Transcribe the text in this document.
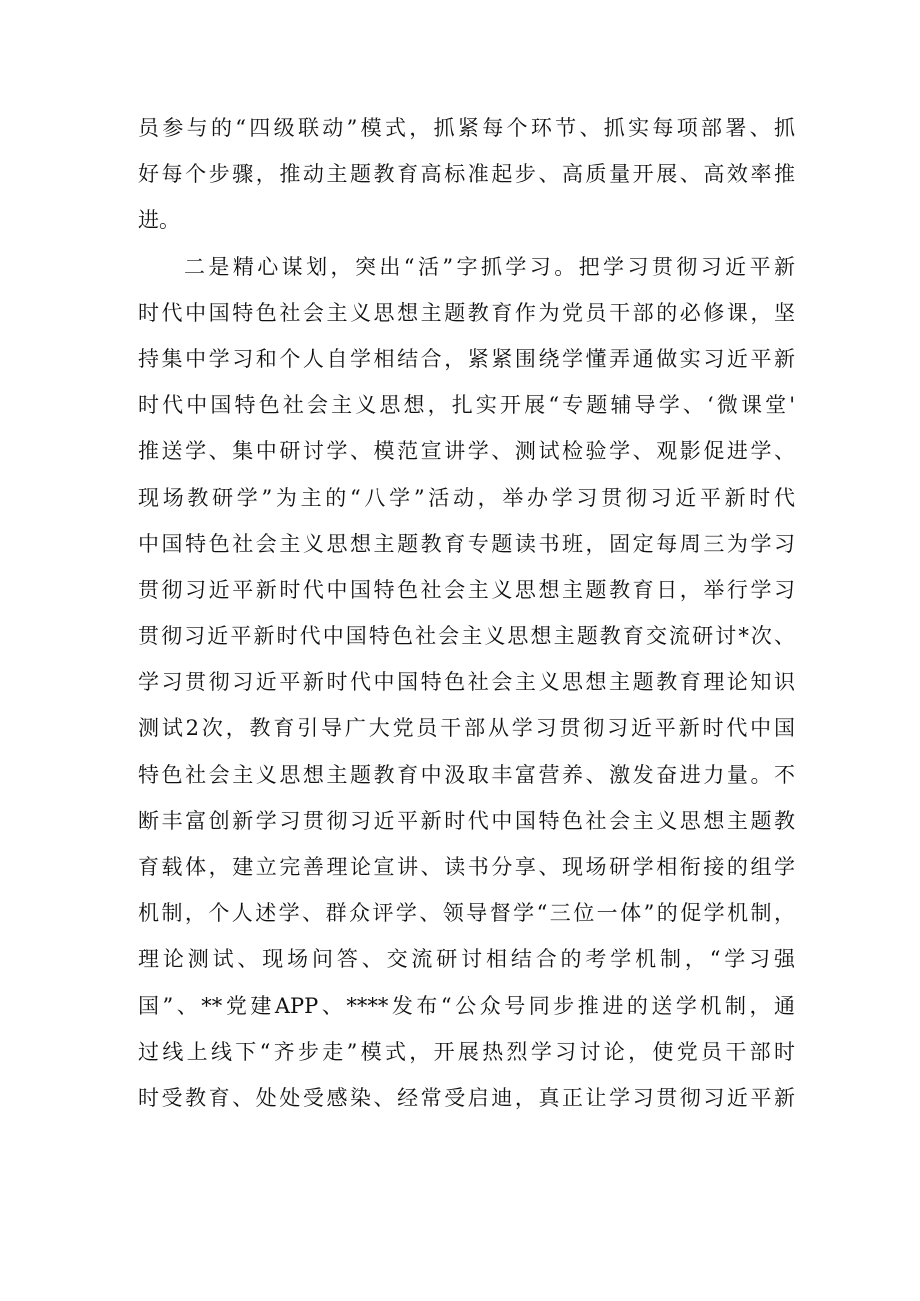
员参与的“四级联动”模式，抓紧每个环节、抓实每项部署、抓
好每个步骤，推动主题教育高标准起步、高质量开展、高效率推
进。
二是精心谋划，突出“活”字抓学习。把学习贯彻习近平新
时代中国特色社会主义思想主题教育作为党员干部的必修课，坚
持集中学习和个人自学相结合，紧紧围绕学懂弄通做实习近平新
时代中国特色社会主义思想，扎实开展“专题辅导学、‘微课堂'
推送学、集中研讨学、模范宣讲学、测试检验学、观影促进学、
现场教研学”为主的“八学”活动，举办学习贯彻习近平新时代
中国特色社会主义思想主题教育专题读书班，固定每周三为学习
贯彻习近平新时代中国特色社会主义思想主题教育日，举行学习
贯彻习近平新时代中国特色社会主义思想主题教育交流研讨*次、
学习贯彻习近平新时代中国特色社会主义思想主题教育理论知识
测试2次，教育引导广大党员干部从学习贯彻习近平新时代中国
特色社会主义思想主题教育中汲取丰富营养、激发奋进力量。不
断丰富创新学习贯彻习近平新时代中国特色社会主义思想主题教
育载体，建立完善理论宣讲、读书分享、现场研学相衔接的组学
机制，个人述学、群众评学、领导督学“三位一体”的促学机制，
理论测试、现场问答、交流研讨相结合的考学机制，“学习强
国”、**党建APP、****发布“公众号同步推进的送学机制，通
过线上线下“齐步走”模式，开展热烈学习讨论，使党员干部时
时受教育、处处受感染、经常受启迪，真正让学习贯彻习近平新
